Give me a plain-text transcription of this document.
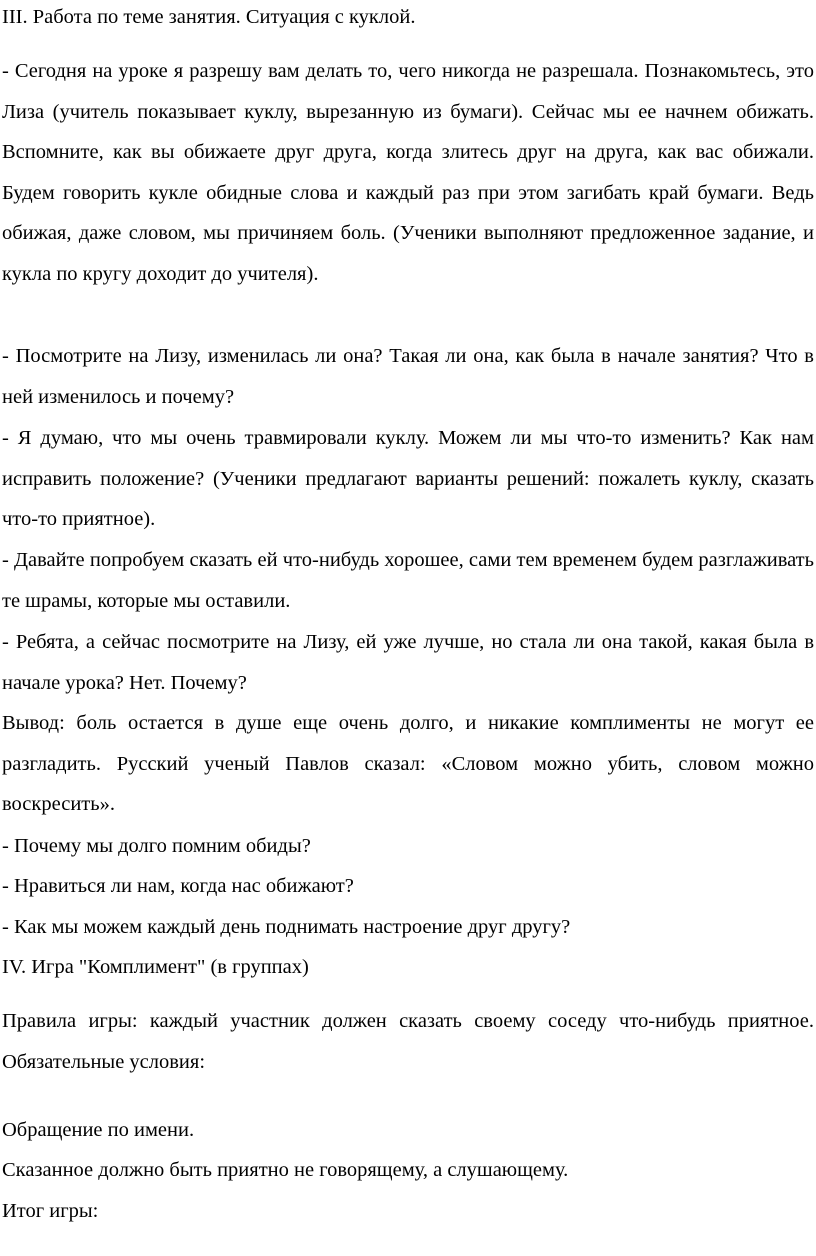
III. Работа по теме занятия. Ситуация с куклой.

- Сегодня на уроке я разрешу вам делать то, чего никогда не разрешала. Познакомьтесь, это Лиза (учитель показывает куклу, вырезанную из бумаги). Сейчас мы ее начнем обижать. Вспомните, как вы обижаете друг друга, когда злитесь друг на друга, как вас обижали. Будем говорить кукле обидные слова и каждый раз при этом загибать край бумаги. Ведь обижая, даже словом, мы причиняем боль. (Ученики выполняют предложенное задание, и кукла по кругу доходит до учителя).

- Посмотрите на Лизу, изменилась ли она? Такая ли она, как была в начале занятия? Что в ней изменилось и почему?

- Я думаю, что мы очень травмировали куклу. Можем ли мы что-то изменить? Как нам исправить положение? (Ученики предлагают варианты решений: пожалеть куклу, сказать что-то приятное).

- Давайте попробуем сказать ей что-нибудь хорошее, сами тем временем будем разглаживать те шрамы, которые мы оставили.

- Ребята, а сейчас посмотрите на Лизу, ей уже лучше, но стала ли она такой, какая была в начале урока? Нет. Почему?

Вывод: боль остается в душе еще очень долго, и никакие комплименты не могут ее разгладить. Русский ученый Павлов сказал: «Словом можно убить, словом можно воскресить».

- Почему мы долго помним обиды?

- Нравиться ли нам, когда нас обижают?

- Как мы можем каждый день поднимать настроение друг другу?

IV. Игра "Комплимент" (в группах)

Правила игры: каждый участник должен сказать своему соседу что-нибудь приятное. Обязательные условия:

Обращение по имени.

Сказанное должно быть приятно не говорящему, а слушающему.

Итог игры:
